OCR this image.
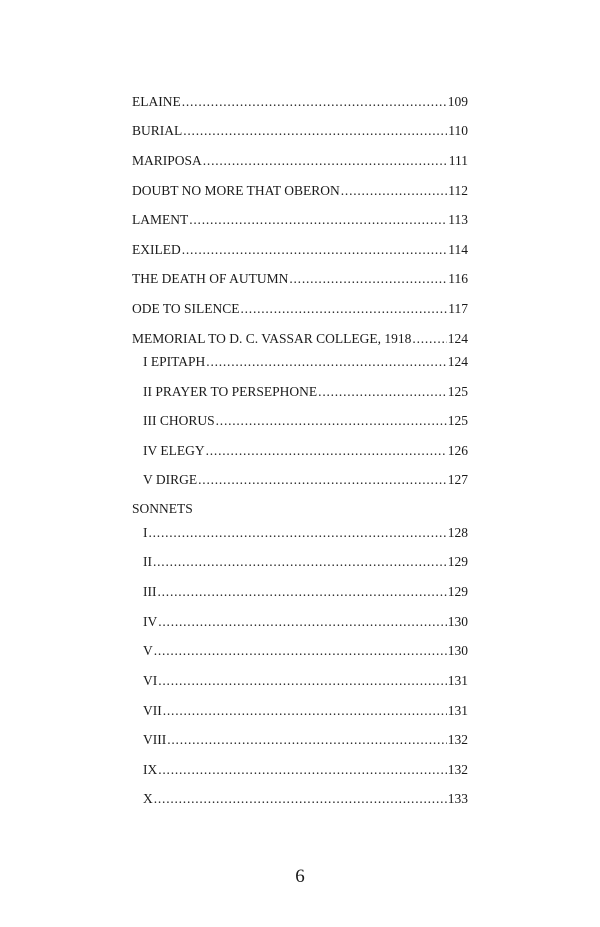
ELAINE . . .	109
BURIAL . . .	110
MARIPOSA . . .	111
DOUBT NO MORE THAT OBERON . . .	112
LAMENT . . .	113
EXILED . . .	114
THE DEATH OF AUTUMN . . .	116
ODE TO SILENCE . . .	117
MEMORIAL TO D. C. VASSAR COLLEGE, 1918 . . .	124
I EPITAPH . . .	124
II PRAYER TO PERSEPHONE . . .	125
III CHORUS . . .	125
IV ELEGY . . .	126
V DIRGE . . .	127
SONNETS
I . . .	128
II . . .	129
III . . .	129
IV . . .	130
V . . .	130
VI . . .	131
VII . . .	131
VIII . . .	132
IX . . .	132
X . . .	133
6
